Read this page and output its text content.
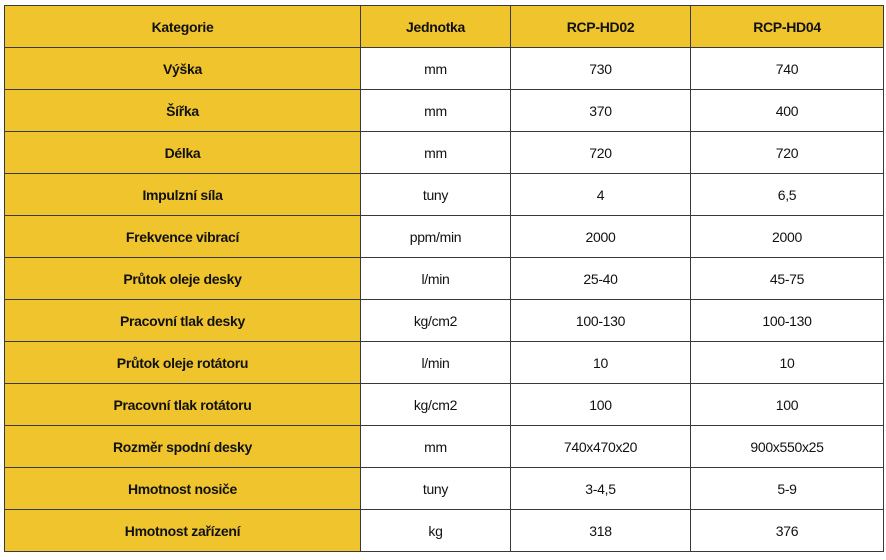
Kategorie	Jednotka	RCP-HD02	RCP-HD04
Výška	mm	730	740
Šířka	mm	370	400
Délka	mm	720	720
Impulzní síla	tuny	4	6,5
Frekvence vibrací	ppm/min	2000	2000
Průtok oleje desky	l/min	25-40	45-75
Pracovní tlak desky	kg/cm2	100-130	100-130
Průtok oleje rotátoru	l/min	10	10
Pracovní tlak rotátoru	kg/cm2	100	100
Rozměr spodní desky	mm	740x470x20	900x550x25
Hmotnost nosiče	tuny	3-4,5	5-9
Hmotnost zařízení	kg	318	376
